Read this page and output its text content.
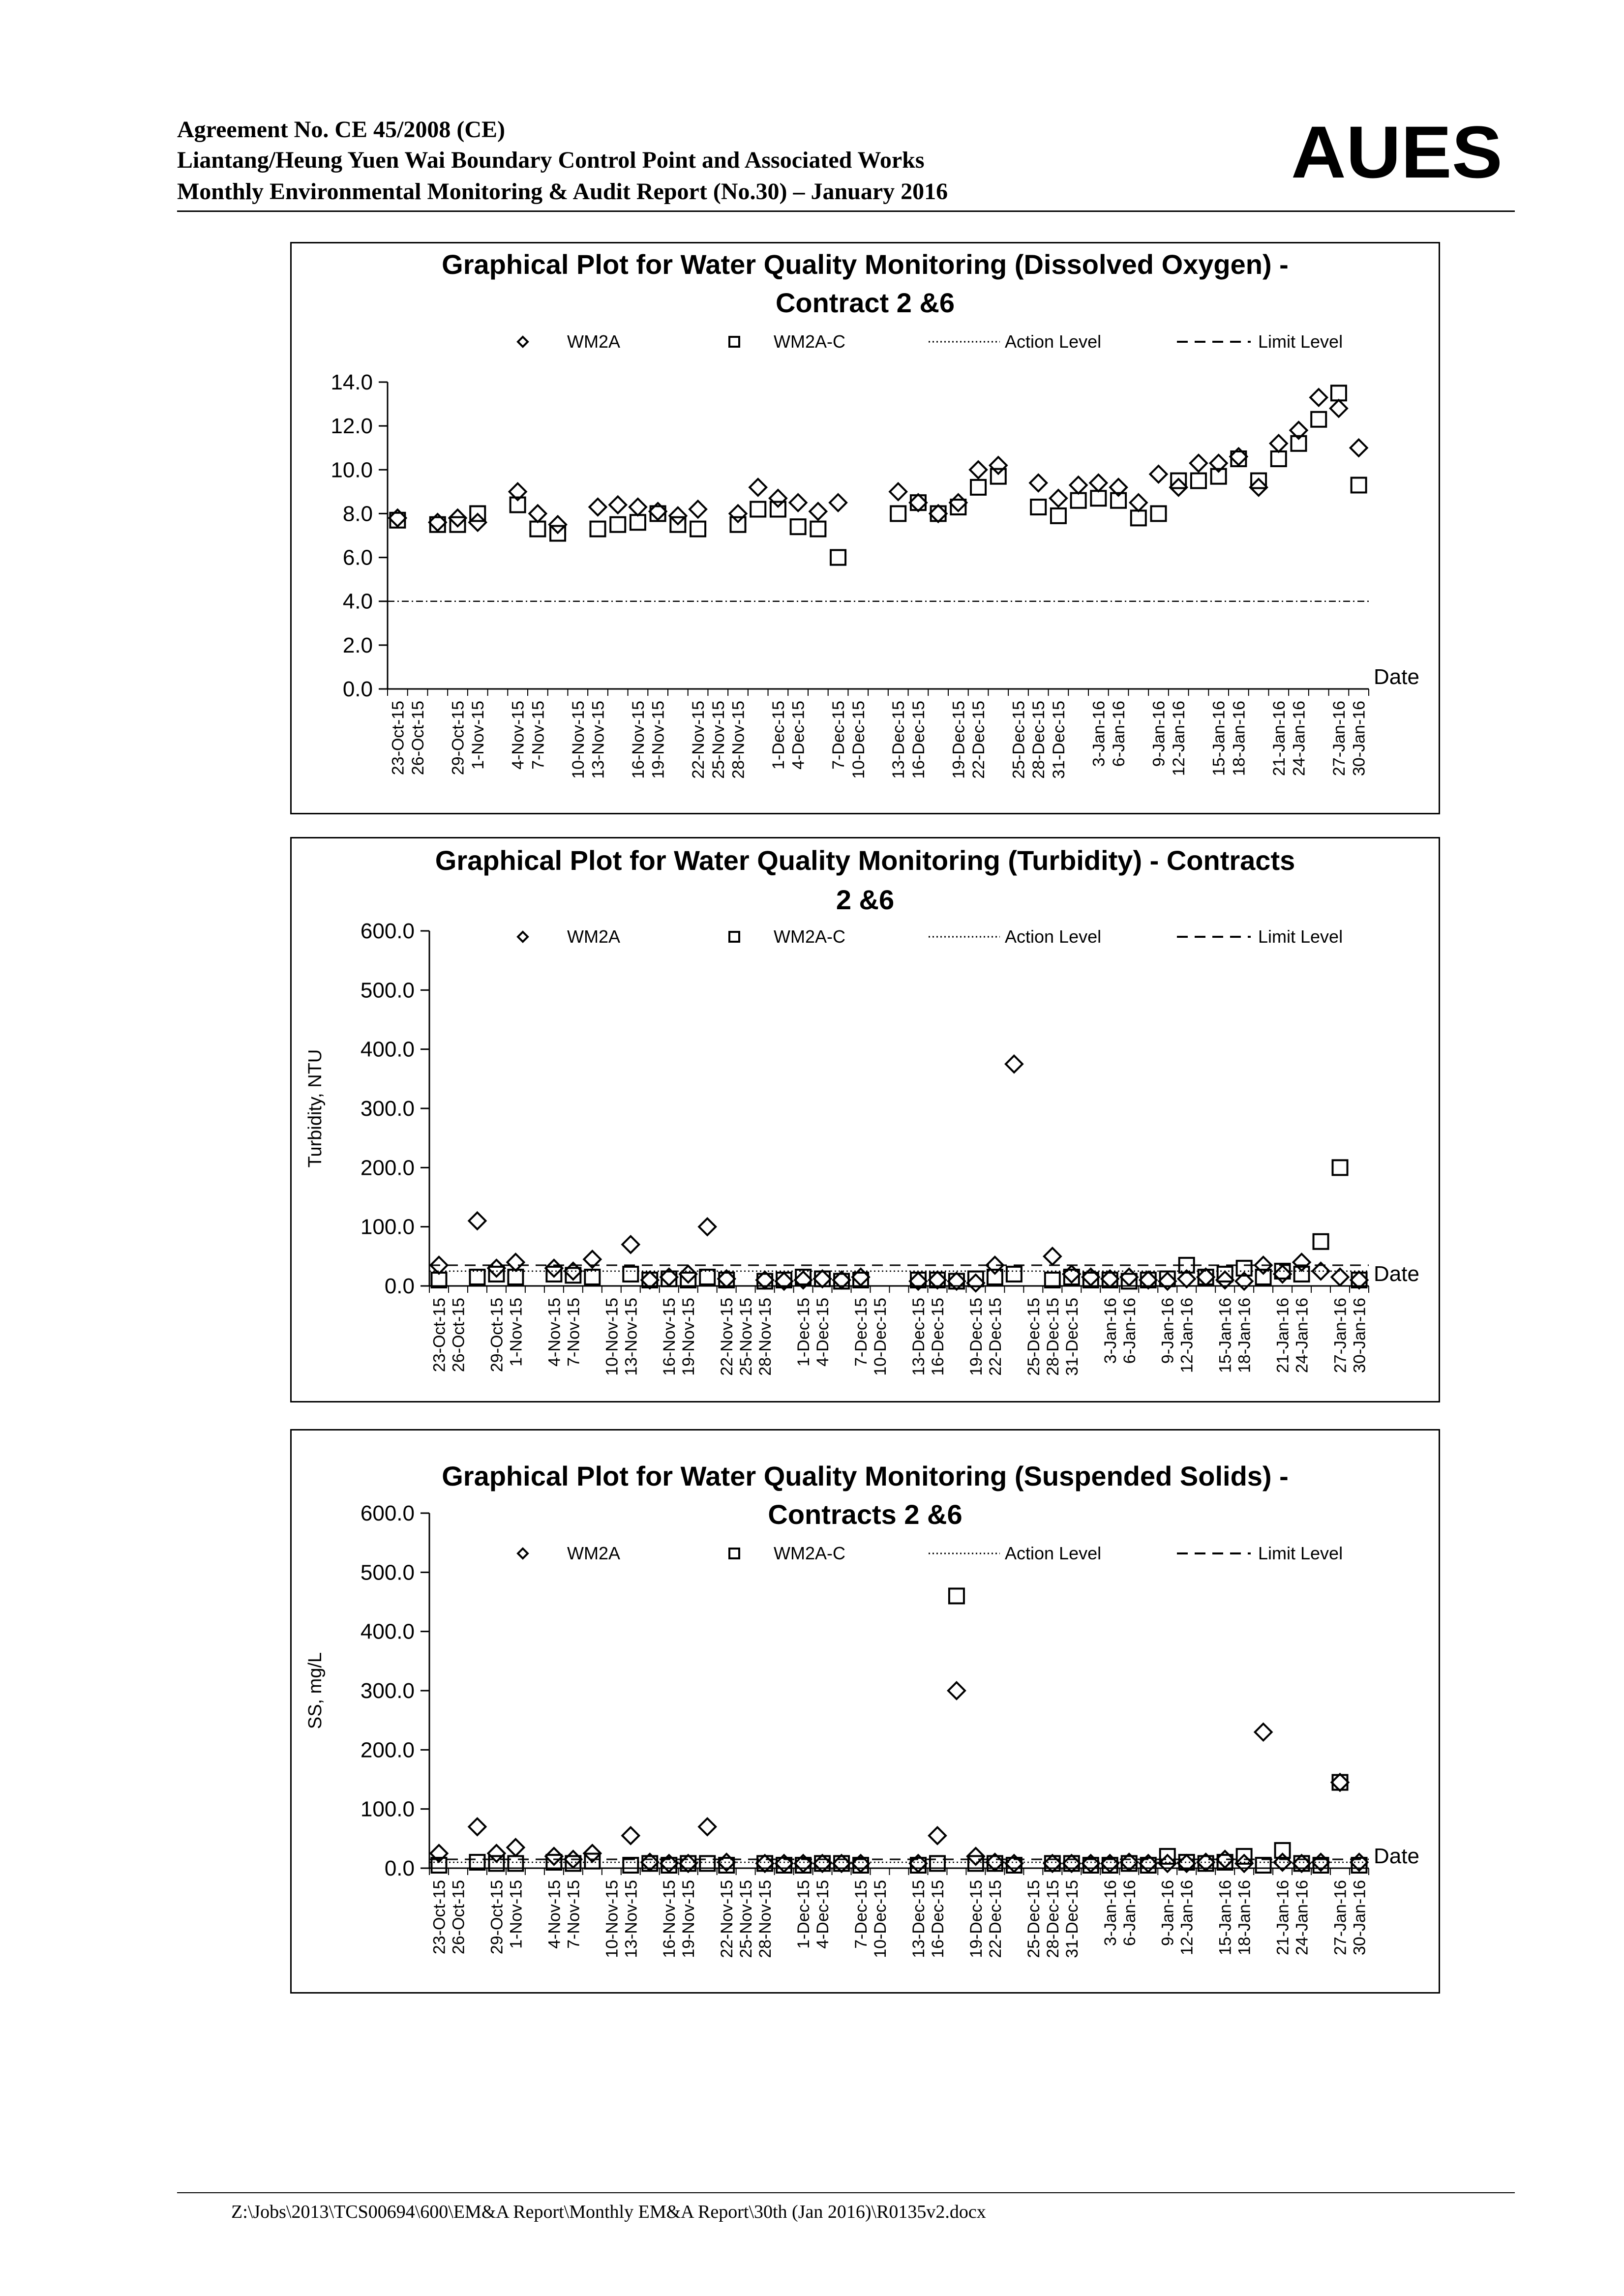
Agreement No. CE 45/2008 (CE)
Liantang/Heung Yuen Wai Boundary Control Point and Associated Works
Monthly Environmental Monitoring & Audit Report (No.30) – January 2016	AUES
Graphical Plot for Water Quality Monitoring (Dissolved Oxygen) -
Contract 2 &6
WM2A	WM2A-C	Action Level	Limit Level
0.0
2.0
4.0
6.0
8.0
10.0
12.0
14.0
23-Oct-15 26-Oct-15 29-Oct-15 1-Nov-15 4-Nov-15 7-Nov-15 10-Nov-15 13-Nov-15 16-Nov-15 19-Nov-15 22-Nov-15 25-Nov-15 28-Nov-15 1-Dec-15 4-Dec-15 7-Dec-15 10-Dec-15 13-Dec-15 16-Dec-15 19-Dec-15 22-Dec-15 25-Dec-15 28-Dec-15 31-Dec-15 3-Jan-16 6-Jan-16 9-Jan-16 12-Jan-16 15-Jan-16 18-Jan-16 21-Jan-16 24-Jan-16 27-Jan-16 30-Jan-16
Date
Graphical Plot for Water Quality Monitoring (Turbidity) - Contracts
2 &6
WM2A	WM2A-C	Action Level	Limit Level
0.0
100.0
200.0
300.0
400.0
500.0
600.0
Turbidity, NTU
23-Oct-15 26-Oct-15 29-Oct-15 1-Nov-15 4-Nov-15 7-Nov-15 10-Nov-15 13-Nov-15 16-Nov-15 19-Nov-15 22-Nov-15 25-Nov-15 28-Nov-15 1-Dec-15 4-Dec-15 7-Dec-15 10-Dec-15 13-Dec-15 16-Dec-15 19-Dec-15 22-Dec-15 25-Dec-15 28-Dec-15 31-Dec-15 3-Jan-16 6-Jan-16 9-Jan-16 12-Jan-16 15-Jan-16 18-Jan-16 21-Jan-16 24-Jan-16 27-Jan-16 30-Jan-16
Date
Graphical Plot for Water Quality Monitoring (Suspended Solids) -
Contracts 2 &6
WM2A	WM2A-C	Action Level	Limit Level
0.0
100.0
200.0
300.0
400.0
500.0
600.0
SS, mg/L
23-Oct-15 26-Oct-15 29-Oct-15 1-Nov-15 4-Nov-15 7-Nov-15 10-Nov-15 13-Nov-15 16-Nov-15 19-Nov-15 22-Nov-15 25-Nov-15 28-Nov-15 1-Dec-15 4-Dec-15 7-Dec-15 10-Dec-15 13-Dec-15 16-Dec-15 19-Dec-15 22-Dec-15 25-Dec-15 28-Dec-15 31-Dec-15 3-Jan-16 6-Jan-16 9-Jan-16 12-Jan-16 15-Jan-16 18-Jan-16 21-Jan-16 24-Jan-16 27-Jan-16 30-Jan-16
Date
Z:\Jobs\2013\TCS00694\600\EM&A Report\Monthly EM&A Report\30th (Jan 2016)\R0135v2.docx
